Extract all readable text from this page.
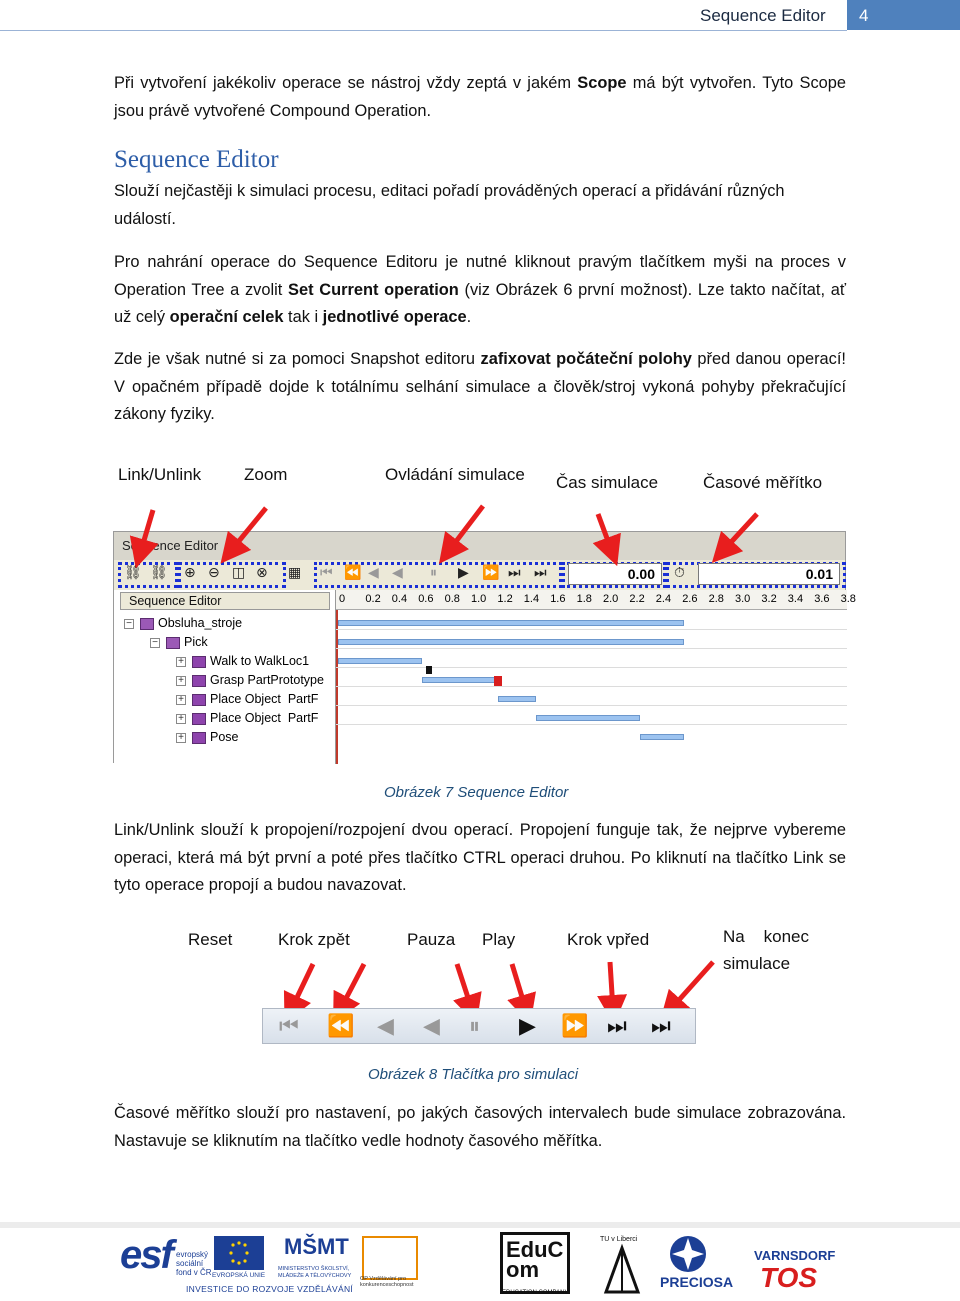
Sequence Editor	4
Při vytvoření jakékoliv operace se nástroj vždy zeptá v jakém Scope má být vytvořen. Tyto Scope jsou právě vytvořené Compound Operation.
Sequence Editor
Slouží nejčastěji k simulaci procesu, editaci pořadí prováděných operací a přidávání různých událostí.
Pro nahrání operace do Sequence Editoru je nutné kliknout pravým tlačítkem myši na proces v Operation Tree a zvolit Set Current operation (viz Obrázek 6 první možnost). Lze takto načítat, ať už celý operační celek tak i jednotlivé operace.
Zde je však nutné si za pomoci Snapshot editoru zafixovat počáteční polohy před danou operací! V opačném případě dojde k totálnímu selhání simulace a člověk/stroj vykoná pohyby překračující zákony fyziky.
Link/Unlink	Zoom	Ovládání simulace Čas simulace	Časové měřítko
Sequence Editor
⛓ ⛓ ⊕ ⊖ ◫ ⊗ ▦ ⏮ ⏪ ◀ ◀ ⏸ ▶ ⏩ ⏭ ⏭	0.00	⏱	0.01
Sequence Editor
− Obsluha_stroje
− Pick
+ Walk to WalkLoc1
+ Grasp PartPrototype
+ Place Object  PartF
+ Place Object  PartF
+ Pose
0 0.2 0.4 0.6 0.8 1.0 1.2 1.4 1.6 1.8 2.0 2.2 2.4 2.6 2.8 3.0 3.2 3.4 3.6 3.8
Obrázek 7 Sequence Editor
Link/Unlink slouží k propojení/rozpojení dvou operací. Propojení funguje tak, že nejprve vybereme operaci, která má být první a poté přes tlačítko CTRL operaci druhou. Po kliknutí na tlačítko Link se tyto operace propojí a budou navazovat.
Reset	Krok zpět	Pauza Play	Krok vpřed	Na    konec
simulace
⏮ ⏪ ◀ ◀ ⏸ ▶ ⏩ ⏭ ⏭
Obrázek 8 Tlačítka pro simulaci
Časové měřítko slouží pro nastavení, po jakých časových intervalech bude simulace zobrazována. Nastavuje se kliknutím na tlačítko vedle hodnoty časového měřítka.
esf evropský sociální fond v ČR EVROPSKÁ UNIE
MŠMT
MINISTERSTVO ŠKOLSTVÍ, MLÁDEŽE A TĚLOVÝCHOVY	OP Vzdělávání pro konkurenceschopnost
INVESTICE DO ROZVOJE VZDĚLÁVÁNÍ
EduCom
EDUCATION COMPANY
TU v Liberci
PRECIOSA
VARNSDORF
TOS
